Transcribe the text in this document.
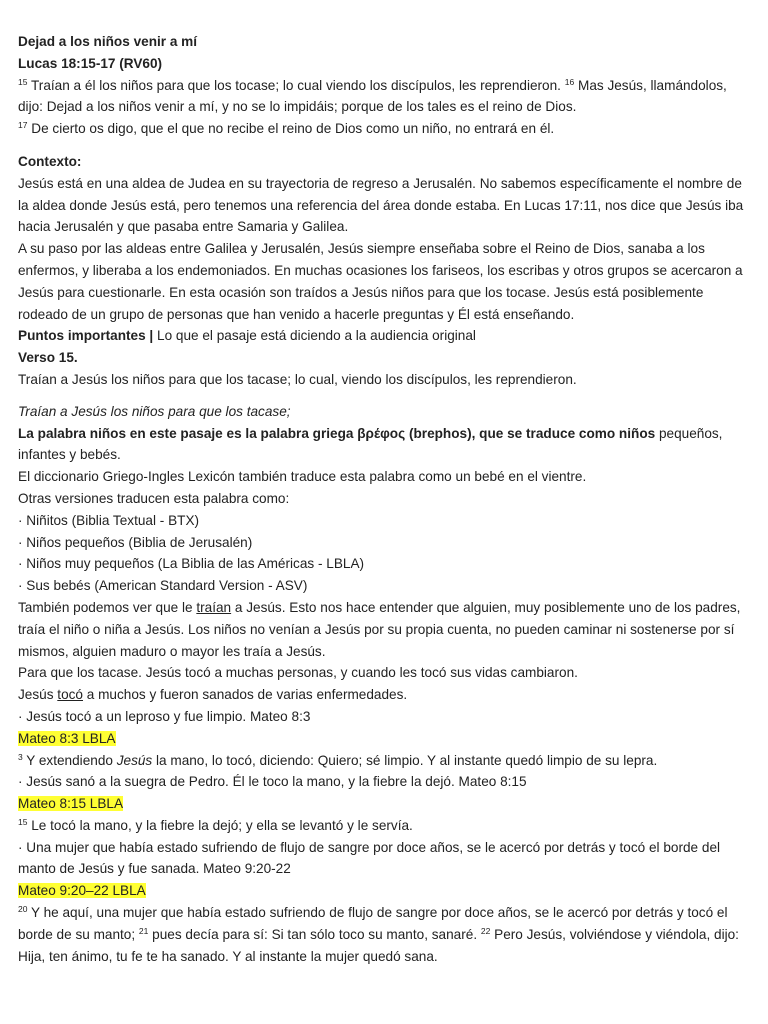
Dejad a los niños venir a mí

Lucas 18:15-17 (RV60)

$^{15}$ Traían a él los niños para que los tocase; lo cual viendo los discípulos, les reprendieron. $^{16}$ Mas Jesús, llamándolos, dijo: Dejad a los niños venir a mí, y no se lo impidáis; porque de los tales es el reino de Dios.
$^{17}$ De cierto os digo, que el que no recibe el reino de Dios como un niño, no entrará en él.

Contexto:

Jesús está en una aldea de Judea en su trayectoria de regreso a Jerusalén. No sabemos específicamente el nombre de la aldea donde Jesús está, pero tenemos una referencia del área donde estaba. En Lucas 17:11, nos dice que Jesús iba hacia Jerusalén y que pasaba entre Samaria y Galilea.

A su paso por las aldeas entre Galilea y Jerusalén, Jesús siempre enseñaba sobre el Reino de Dios, sanaba a los enfermos, y liberaba a los endemoniados. En muchas ocasiones los fariseos, los escribas y otros grupos se acercaron a Jesús para cuestionarle. En esta ocasión son traídos a Jesús niños para que los tocase. Jesús está posiblemente rodeado de un grupo de personas que han venido a hacerle preguntas y Él está enseñando.

Puntos importantes | Lo que el pasaje está diciendo a la audiencia original

Verso 15.

Traían a Jesús los niños para que los tacase; lo cual, viendo los discípulos, les reprendieron.

Traían a Jesús los niños para que los tacase;

La palabra niños en este pasaje es la palabra griega βρέφος (brephos), que se traduce como niños pequeños, infantes y bebés.

El diccionario Griego-Ingles Lexicón también traduce esta palabra como un bebé en el vientre.

Otras versiones traducen esta palabra como:

· Niñitos (Biblia Textual - BTX)

· Niños pequeños (Biblia de Jerusalén)

· Niños muy pequeños (La Biblia de las Américas - LBLA)

· Sus bebés (American Standard Version - ASV)

También podemos ver que le traían a Jesús. Esto nos hace entender que alguien, muy posiblemente uno de los padres, traía el niño o niña a Jesús. Los niños no venían a Jesús por su propia cuenta, no pueden caminar ni sostenerse por sí mismos, alguien maduro o mayor les traía a Jesús.

Para que los tacase. Jesús tocó a muchas personas, y cuando les tocó sus vidas cambiaron.

Jesús tocó a muchos y fueron sanados de varias enfermedades.

· Jesús tocó a un leproso y fue limpio. Mateo 8:3

Mateo 8:3 LBLA

$^3$ Y extendiendo Jesús la mano, lo tocó, diciendo: Quiero; sé limpio. Y al instante quedó limpio de su lepra.

· Jesús sanó a la suegra de Pedro. Él le toco la mano, y la fiebre la dejó. Mateo 8:15

Mateo 8:15 LBLA

$^{15}$ Le tocó la mano, y la fiebre la dejó; y ella se levantó y le servía.

· Una mujer que había estado sufriendo de flujo de sangre por doce años, se le acercó por detrás y tocó el borde del manto de Jesús y fue sanada. Mateo 9:20-22

Mateo 9:20–22 LBLA

$^{20}$ Y he aquí, una mujer que había estado sufriendo de flujo de sangre por doce años, se le acercó por detrás y tocó el borde de su manto; $^{21}$ pues decía para sí: Si tan sólo toco su manto, sanaré. $^{22}$ Pero Jesús, volviéndose y viéndola, dijo: Hija, ten ánimo, tu fe te ha sanado. Y al instante la mujer quedó sana.
